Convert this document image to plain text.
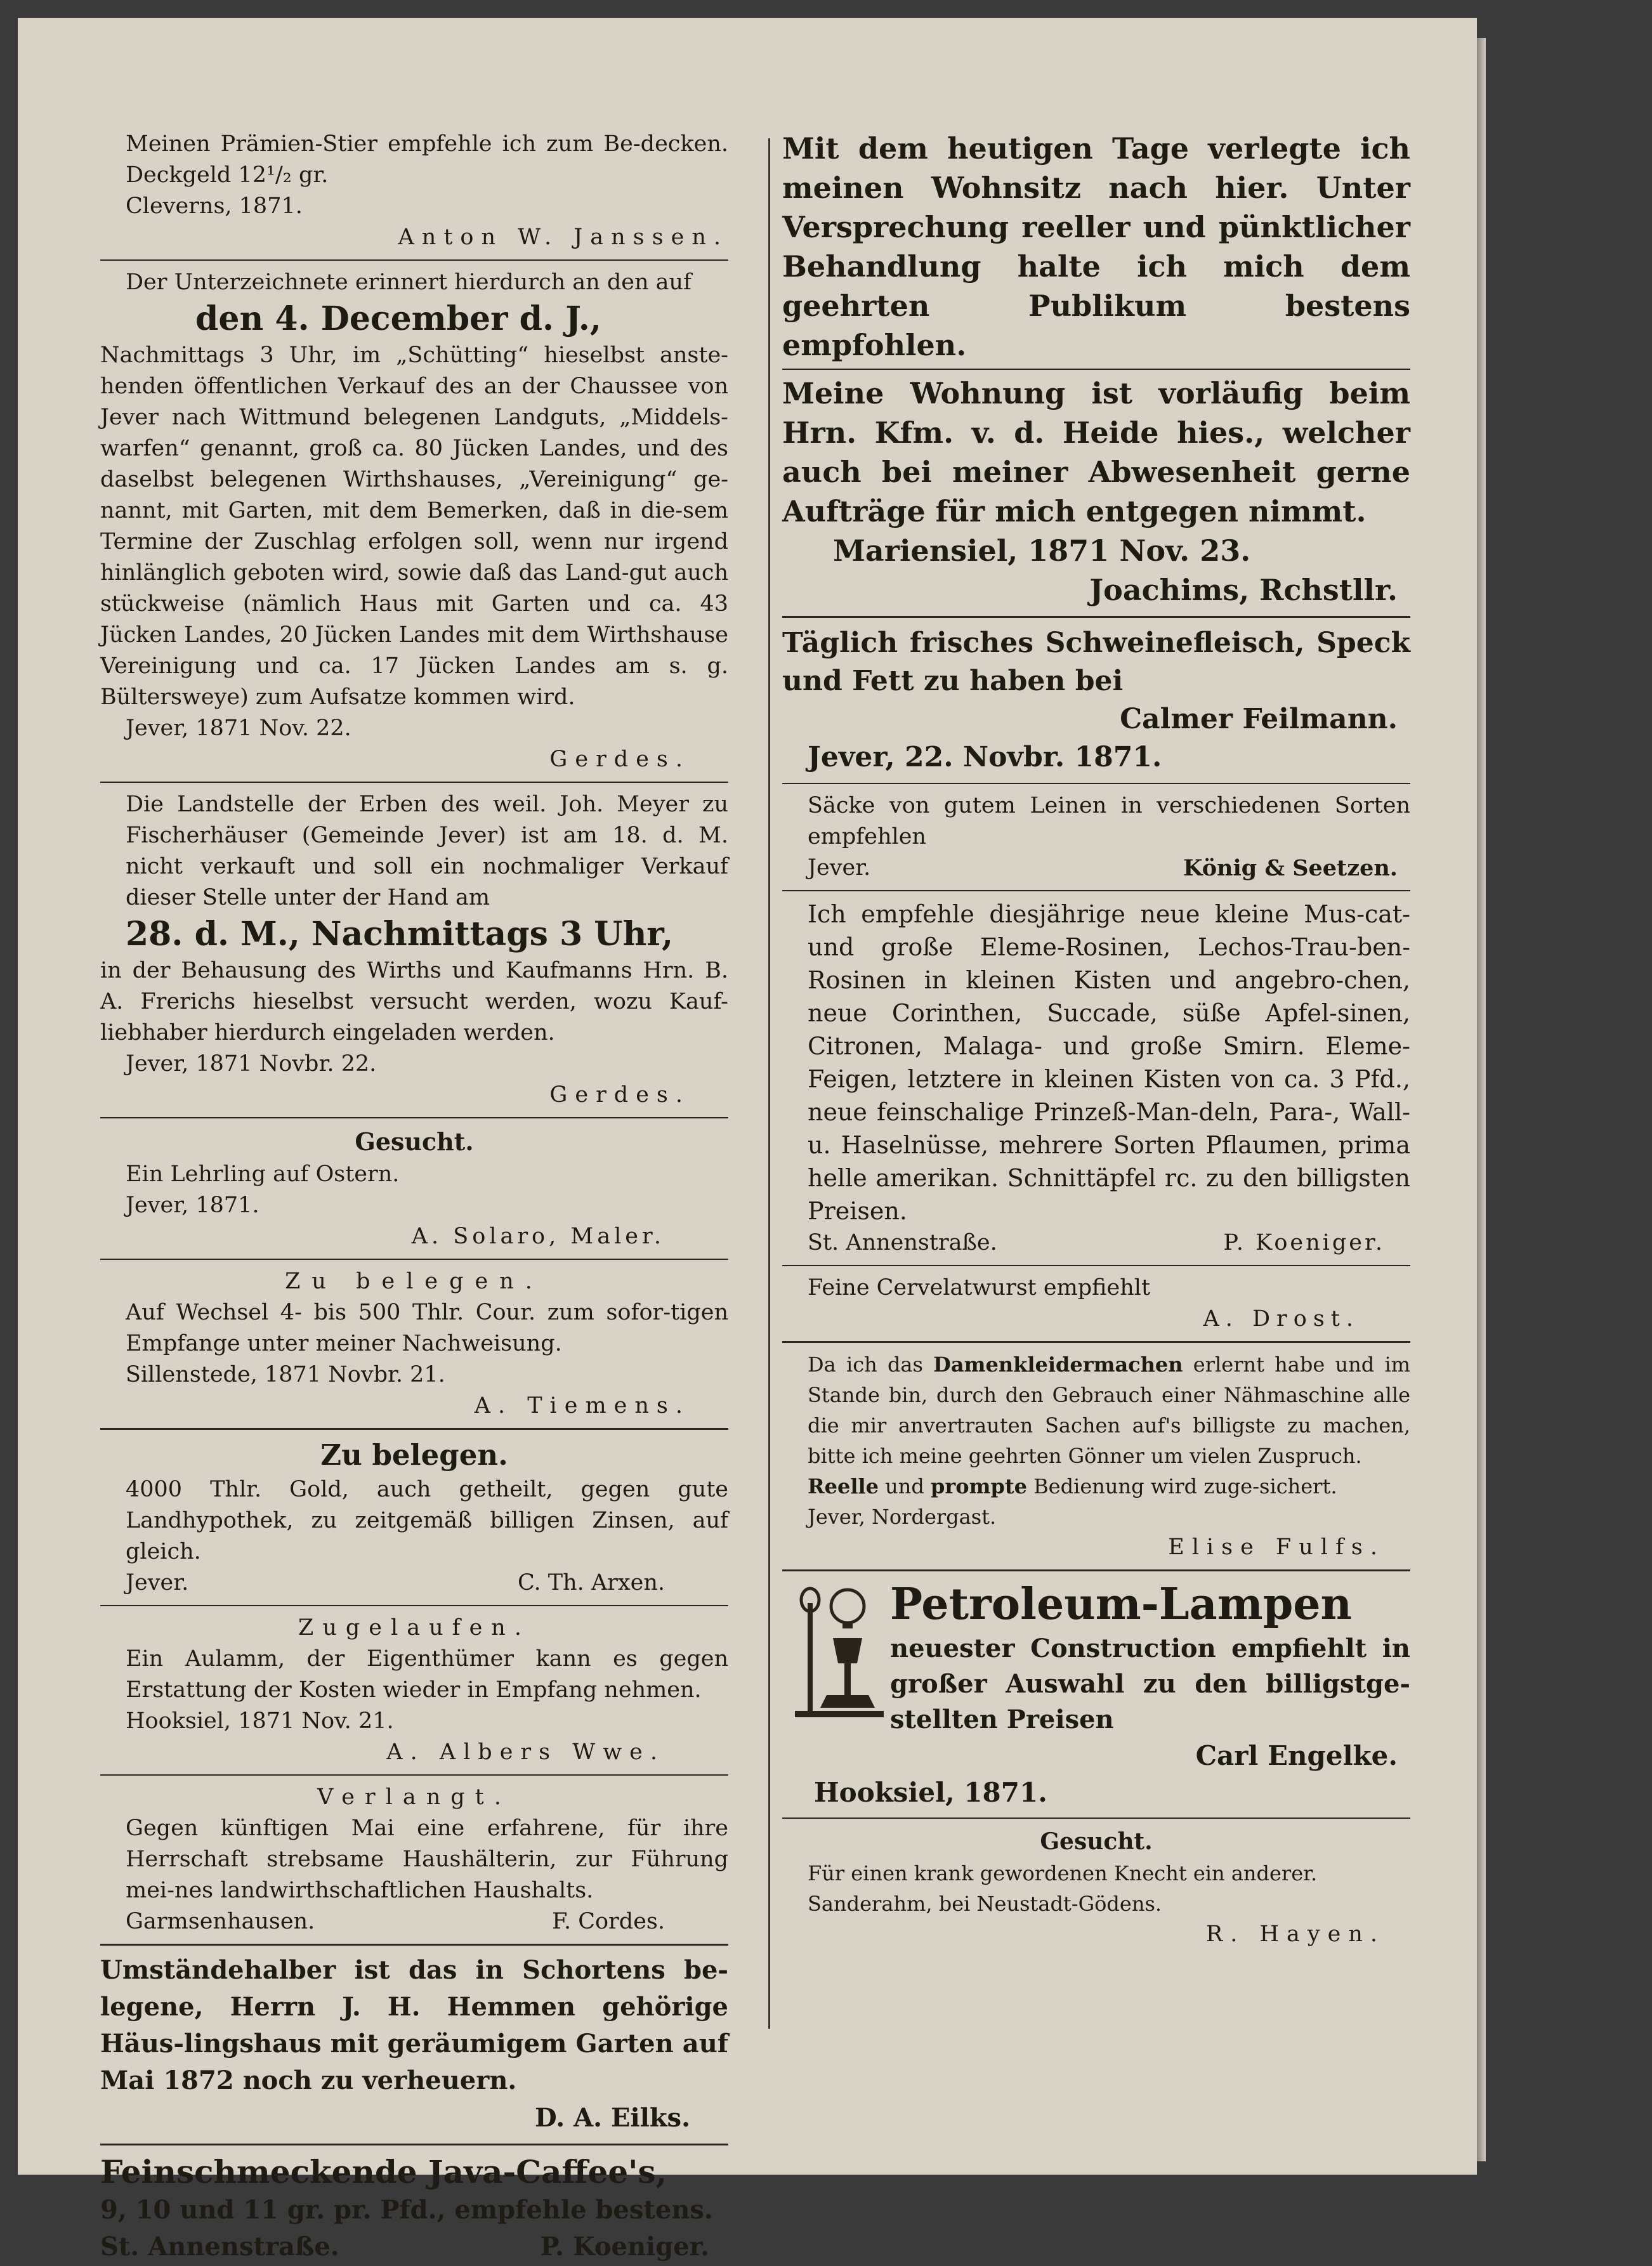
Meinen Prämien-Stier empfehle ich zum Be-decken. Deckgeld 12¹/₂ gr.

Cleverns, 1871.

Anton W. Janssen.

Der Unterzeichnete erinnert hierdurch an den auf

den 4. December d. J.,

Nachmittags 3 Uhr, im „Schütting“ hieselbst anste-henden öffentlichen Verkauf des an der Chaussee von Jever nach Wittmund belegenen Landguts, „Middels-warfen“ genannt, groß ca. 80 Jücken Landes, und des daselbst belegenen Wirthshauses, „Vereinigung“ ge-nannt, mit Garten, mit dem Bemerken, daß in die-sem Termine der Zuschlag erfolgen soll, wenn nur irgend hinlänglich geboten wird, sowie daß das Land-gut auch stückweise (nämlich Haus mit Garten und ca. 43 Jücken Landes, 20 Jücken Landes mit dem Wirthshause Vereinigung und ca. 17 Jücken Landes am s. g. Bültersweye) zum Aufsatze kommen wird.

Jever, 1871 Nov. 22.

Gerdes.

Die Landstelle der Erben des weil. Joh. Meyer zu Fischerhäuser (Gemeinde Jever) ist am 18. d. M. nicht verkauft und soll ein nochmaliger Verkauf dieser Stelle unter der Hand am

28. d. M., Nachmittags 3 Uhr,

in der Behausung des Wirths und Kaufmanns Hrn. B. A. Frerichs hieselbst versucht werden, wozu Kauf-liebhaber hierdurch eingeladen werden.

Jever, 1871 Novbr. 22.

Gerdes.

Gesucht.

Ein Lehrling auf Ostern.

Jever, 1871.

A. Solaro, Maler.

Zu belegen.

Auf Wechsel 4- bis 500 Thlr. Cour. zum sofor-tigen Empfange unter meiner Nachweisung.

Sillenstede, 1871 Novbr. 21.

A. Tiemens.

Zu belegen.

4000 Thlr. Gold, auch getheilt, gegen gute Landhypothek, zu zeitgemäß billigen Zinsen, auf gleich.

Jever.	C. Th. Arxen.

Zugelaufen.

Ein Aulamm, der Eigenthümer kann es gegen Erstattung der Kosten wieder in Empfang nehmen.

Hooksiel, 1871 Nov. 21.

A. Albers Wwe.

Verlangt.

Gegen künftigen Mai eine erfahrene, für ihre Herrschaft strebsame Haushälterin, zur Führung mei-nes landwirthschaftlichen Haushalts.

Garmsenhausen.	F. Cordes.

Umständehalber ist das in Schortens be-legene, Herrn J. H. Hemmen gehörige Häus-lingshaus mit geräumigem Garten auf Mai 1872 noch zu verheuern.

D. A. Eilks.

Feinschmeckende Java-Caffee's,

9, 10 und 11 gr. pr. Pfd., empfehle bestens.

St. Annenstraße.	P. Koeniger.

Mit dem heutigen Tage verlegte ich meinen Wohnsitz nach hier. Unter Versprechung reeller und pünktlicher Behandlung halte ich mich dem geehrten Publikum bestens empfohlen.

Meine Wohnung ist vorläufig beim Hrn. Kfm. v. d. Heide hies., welcher auch bei meiner Abwesenheit gerne Aufträge für mich entgegen nimmt.

Mariensiel, 1871 Nov. 23.

Joachims, Rchstllr.

Täglich frisches Schweinefleisch, Speck und Fett zu haben bei

Calmer Feilmann.

Jever, 22. Novbr. 1871.

Säcke von gutem Leinen in verschiedenen Sorten empfehlen

Jever.	König & Seetzen.

Ich empfehle diesjährige neue kleine Mus-cat- und große Eleme-Rosinen, Lechos-Trau-ben-Rosinen in kleinen Kisten und angebro-chen, neue Corinthen, Succade, süße Apfel-sinen, Citronen, Malaga- und große Smirn. Eleme-Feigen, letztere in kleinen Kisten von ca. 3 Pfd., neue feinschalige Prinzeß-Man-deln, Para-, Wall- u. Haselnüsse, mehrere Sorten Pflaumen, prima helle amerikan. Schnittäpfel rc. zu den billigsten Preisen.

St. Annenstraße.	P. Koeniger.

Feine Cervelatwurst empfiehlt

A. Drost.

Da ich das Damenkleidermachen erlernt habe und im Stande bin, durch den Gebrauch einer Nähmaschine alle die mir anvertrauten Sachen auf's billigste zu machen, bitte ich meine geehrten Gönner um vielen Zuspruch.

Reelle und prompte Bedienung wird zuge-sichert.

Jever, Nordergast.

Elise Fulfs.

Petroleum-Lampen

neuester Construction empfiehlt in großer Auswahl zu den billigstge-stellten Preisen

Carl Engelke.

Hooksiel, 1871.

Gesucht.

Für einen krank gewordenen Knecht ein anderer.

Sanderahm, bei Neustadt-Gödens.

R. Hayen.
